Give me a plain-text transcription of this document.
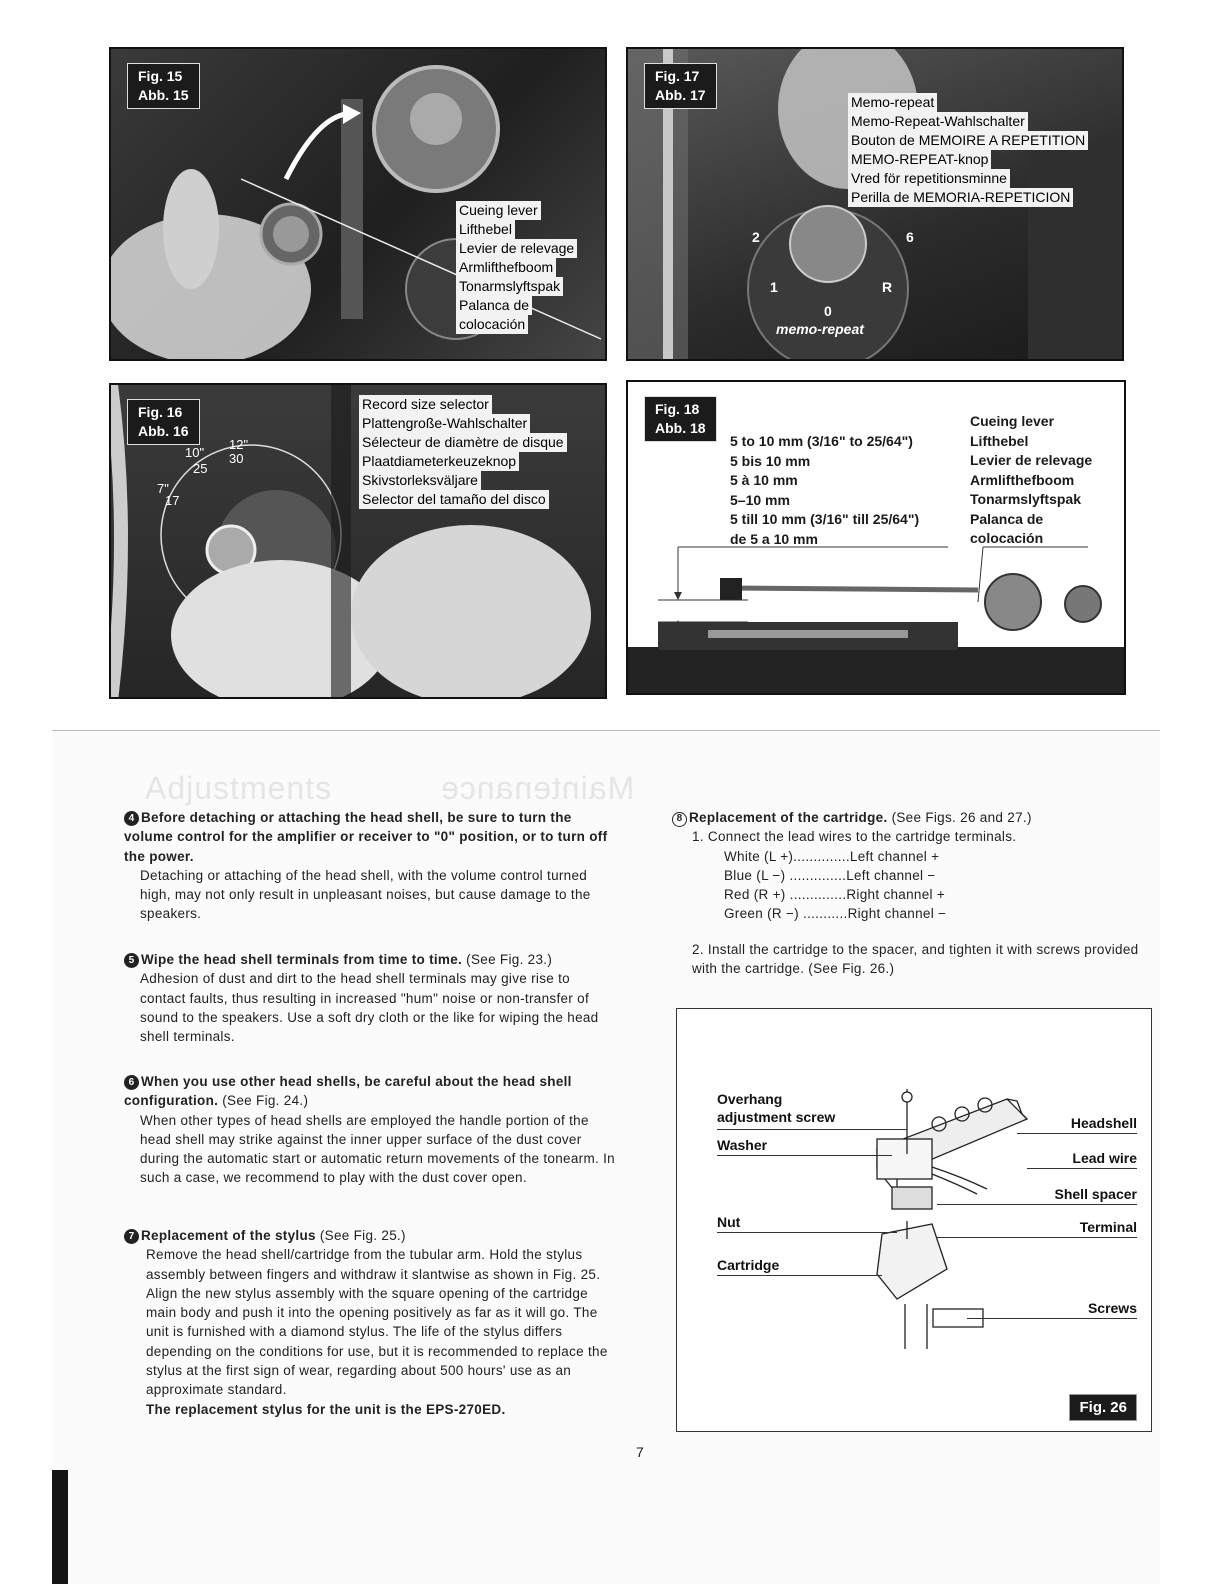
Fig. 15
Abb. 15
Cueing lever
Lifthebel
Levier de relevage
Armlifthefboom
Tonarmslyftspak
Palanca de
colocación
Fig. 17
Abb. 17	Memo-repeat
Memo-Repeat-Wahlschalter
Bouton de MEMOIRE A REPETITION
MEMO-REPEAT-knop
Vred för repetitionsminne
Perilla de MEMORIA-REPETICION
2	6
1	R
0
memo-repeat
Fig. 16
Abb. 16
12"
30
10"
25
7"
17
Record size selector
Plattengroße-Wahlschalter
Sélecteur de diamètre de disque
Plaatdiameterkeuzeknop
Skivstorleksväljare
Selector del tamaño del disco
Fig. 18
Abb. 18
5 to 10 mm (3/16" to 25/64")
5 bis 10 mm
5 à 10 mm
5–10 mm
5 till 10 mm (3/16" till 25/64")
de 5 a 10 mm
Cueing lever
Lifthebel
Levier de relevage
Armlifthefboom
Tonarmslyftspak
Palanca de
colocación
Adjustments	Maintenance
4 Before detaching or attaching the head shell, be sure to turn the volume control for the amplifier or receiver to "0" position, or to turn off the power.
Detaching or attaching of the head shell, with the volume control turned high, may not only result in unpleasant noises, but cause damage to the speakers.
5 Wipe the head shell terminals from time to time. (See Fig. 23.)
Adhesion of dust and dirt to the head shell terminals may give rise to contact faults, thus resulting in increased "hum" noise or non-transfer of sound to the speakers. Use a soft dry cloth or the like for wiping the head shell terminals.
6 When you use other head shells, be careful about the head shell configuration. (See Fig. 24.)
When other types of head shells are employed the handle portion of the head shell may strike against the inner upper surface of the dust cover during the automatic start or automatic return movements of the tonearm. In such a case, we recommend to play with the dust cover open.
7 Replacement of the stylus (See Fig. 25.)
Remove the head shell/cartridge from the tubular arm. Hold the stylus assembly between fingers and withdraw it slantwise as shown in Fig. 25. Align the new stylus assembly with the square opening of the cartridge main body and push it into the opening positively as far as it will go. The unit is furnished with a diamond stylus. The life of the stylus differs depending on the conditions for use, but it is recommended to replace the stylus at the first sign of wear, regarding about 500 hours' use as an approximate standard.
The replacement stylus for the unit is the EPS-270ED.
8 Replacement of the cartridge. (See Figs. 26 and 27.)
1. Connect the lead wires to the cartridge terminals.
White (L +)..............Left channel +
Blue (L −) ..............Left channel −
Red (R +) ..............Right channel +
Green (R −) ...........Right channel −
2. Install the cartridge to the spacer, and tighten it with screws provided with the cartridge. (See Fig. 26.)
Overhang
adjustment screw
Washer
Nut
Cartridge
Headshell
Lead wire
Shell spacer
Terminal
Screws
Fig. 26
7
